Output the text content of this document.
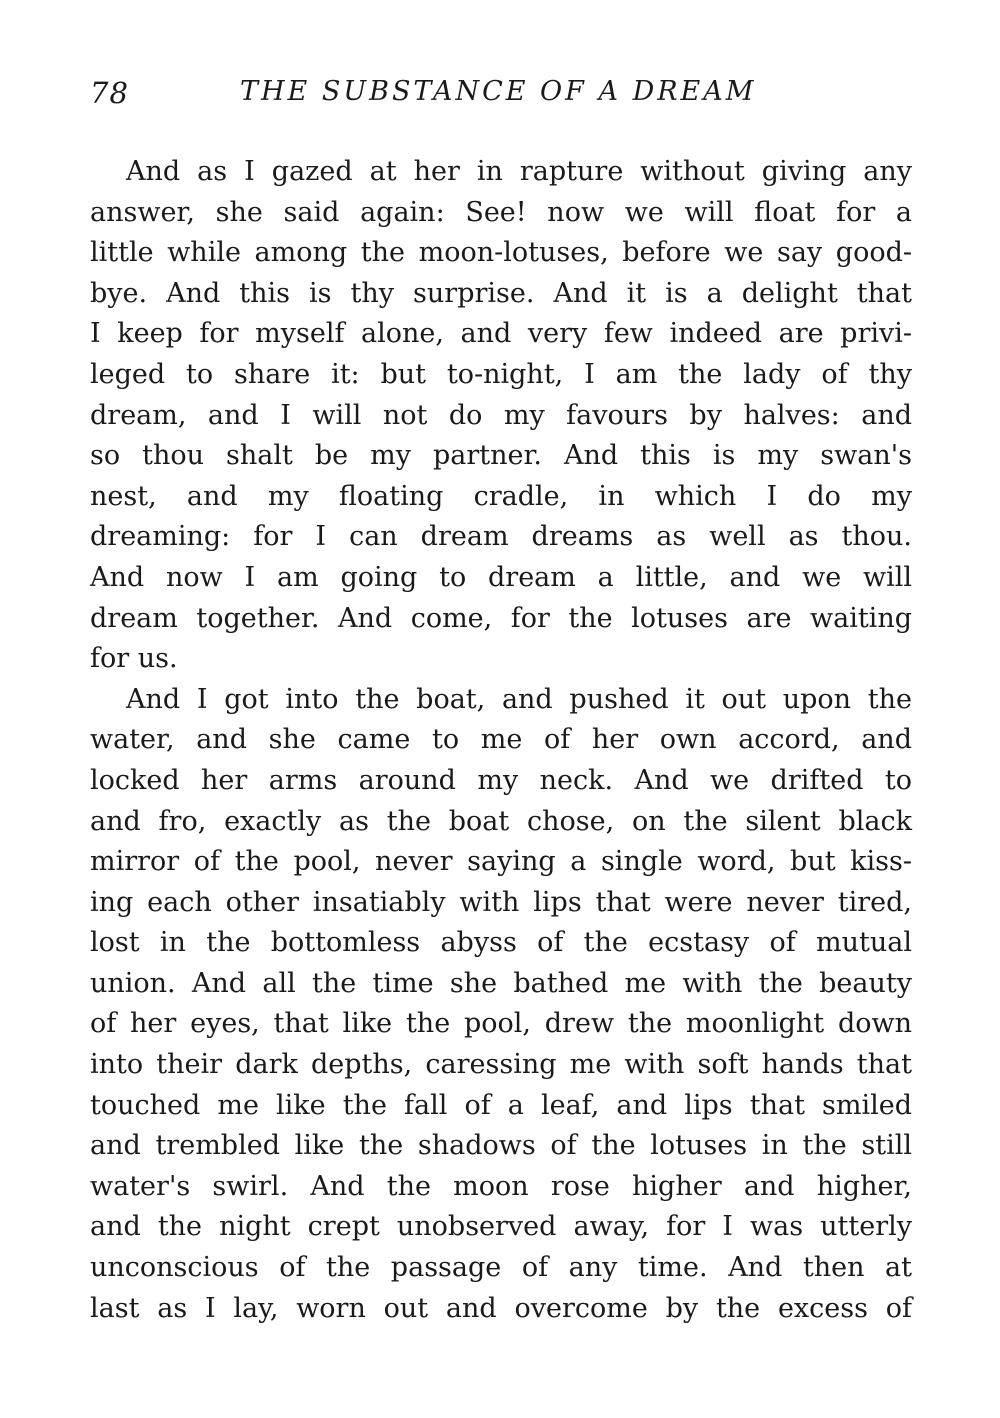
78	THE SUBSTANCE OF A DREAM
And as I gazed at her in rapture without giving any
answer, she said again: See! now we will float for a
little while among the moon-lotuses, before we say good-
bye. And this is thy surprise. And it is a delight that
I keep for myself alone, and very few indeed are privi-
leged to share it: but to-night, I am the lady of thy
dream, and I will not do my favours by halves: and
so thou shalt be my partner. And this is my swan's
nest, and my floating cradle, in which I do my
dreaming: for I can dream dreams as well as thou.
And now I am going to dream a little, and we will
dream together. And come, for the lotuses are waiting
for us.
And I got into the boat, and pushed it out upon the
water, and she came to me of her own accord, and
locked her arms around my neck. And we drifted to
and fro, exactly as the boat chose, on the silent black
mirror of the pool, never saying a single word, but kiss-
ing each other insatiably with lips that were never tired,
lost in the bottomless abyss of the ecstasy of mutual
union. And all the time she bathed me with the beauty
of her eyes, that like the pool, drew the moonlight down
into their dark depths, caressing me with soft hands that
touched me like the fall of a leaf, and lips that smiled
and trembled like the shadows of the lotuses in the still
water's swirl. And the moon rose higher and higher,
and the night crept unobserved away, for I was utterly
unconscious of the passage of any time. And then at
last as I lay, worn out and overcome by the excess of
